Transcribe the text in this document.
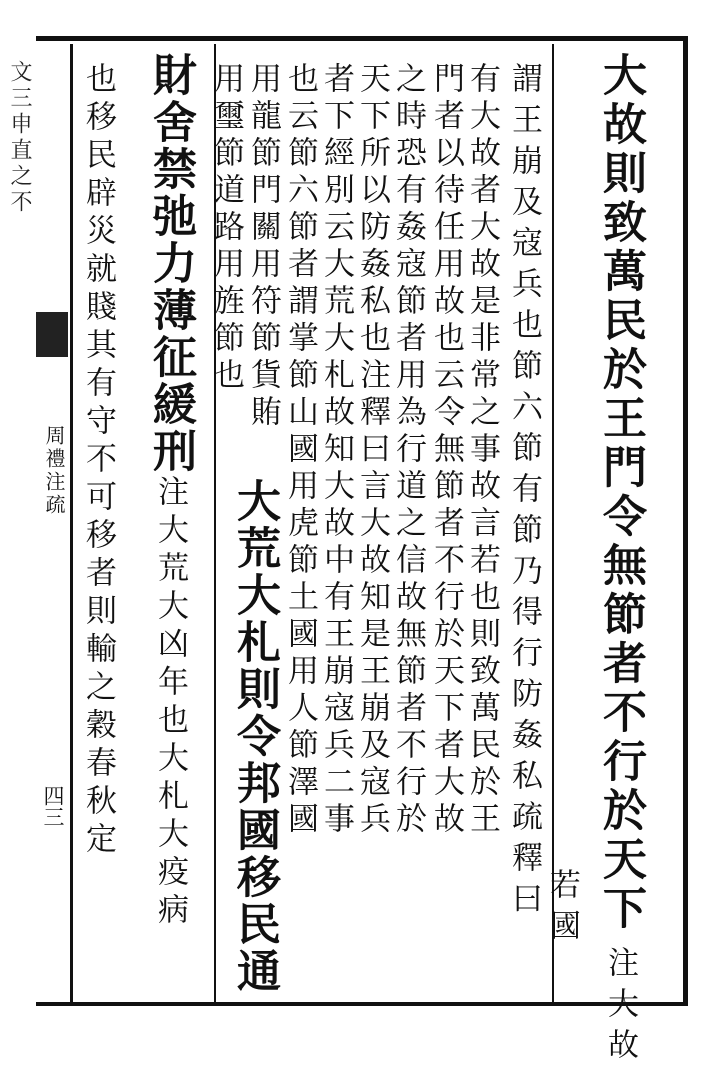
文三申直之不
周禮注疏
四三	大故則致萬民於王門令無節者不行於天下注大故
謂王崩及寇兵也節六節有節乃得行防姦私疏釋曰 若國
有大故者大故是非常之事故言若也則致萬民於王
門者以待任用故也云令無節者不行於天下者大故
之時恐有姦寇節者用為行道之信故無節者不行於
天下所以防姦私也注釋曰言大故知是王崩及寇兵
者下經別云大荒大札故知大故中有王崩寇兵二事
也云節六節者謂掌節山國用虎節土國用人節澤國
用龍節門關用符節貨賄
大荒大札則令邦國移民通
用璽節道路用旌節也
財舍禁弛力薄征緩刑注大荒大凶年也大札大疫病
也移民辟災就賤其有守不可移者則輸之穀春秋定
